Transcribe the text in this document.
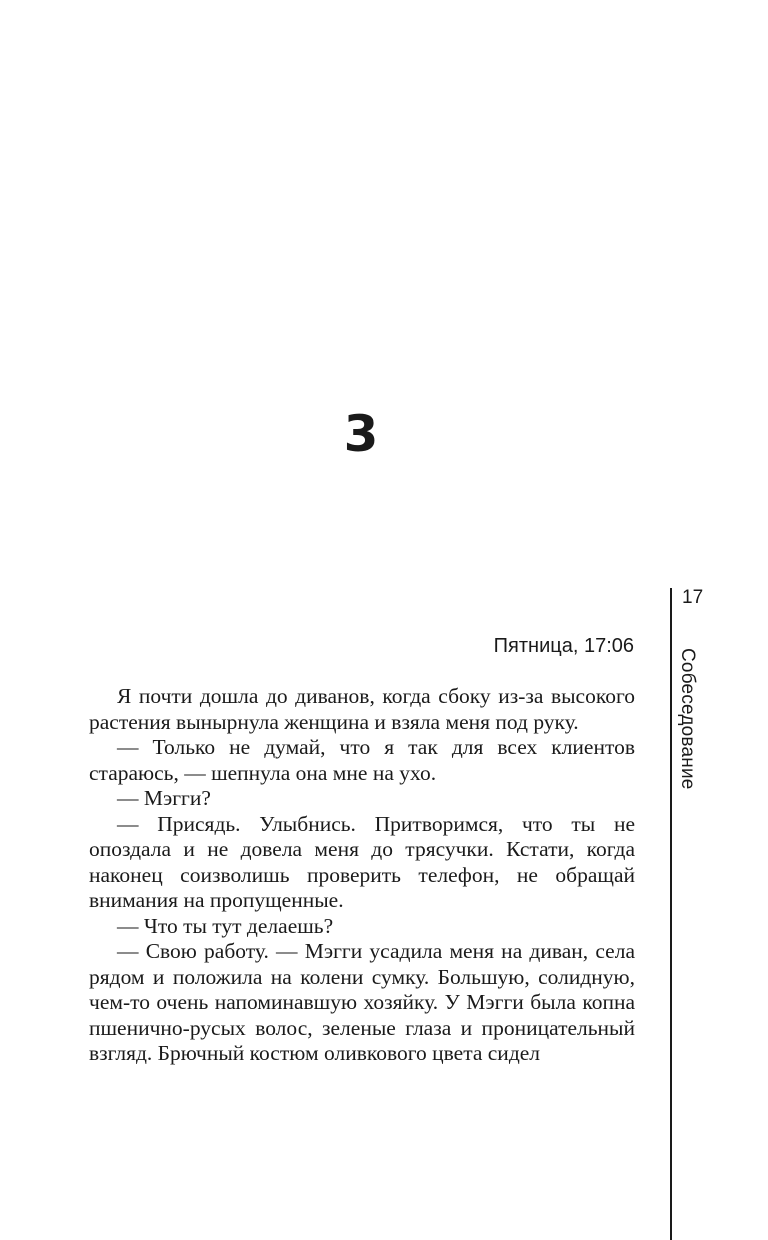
3
Пятница, 17:06

Я почти дошла до диванов, когда сбоку из-за высокого растения вынырнула женщина и взяла меня под руку.

— Только не думай, что я так для всех клиентов стараюсь, — шепнула она мне на ухо.

— Мэгги?

— Присядь. Улыбнись. Притворимся, что ты не опоздала и не довела меня до трясучки. Кстати, когда наконец соизволишь проверить телефон, не обращай внимания на пропущенные.

— Что ты тут делаешь?

— Свою работу. — Мэгги усадила меня на диван, села рядом и положила на колени сумку. Большую, солидную, чем-то очень напоминавшую хозяйку. У Мэгги была копна пшенично-русых волос, зеленые глаза и проницательный взгляд. Брючный костюм оливкового цвета сидел

17
Собеседование
